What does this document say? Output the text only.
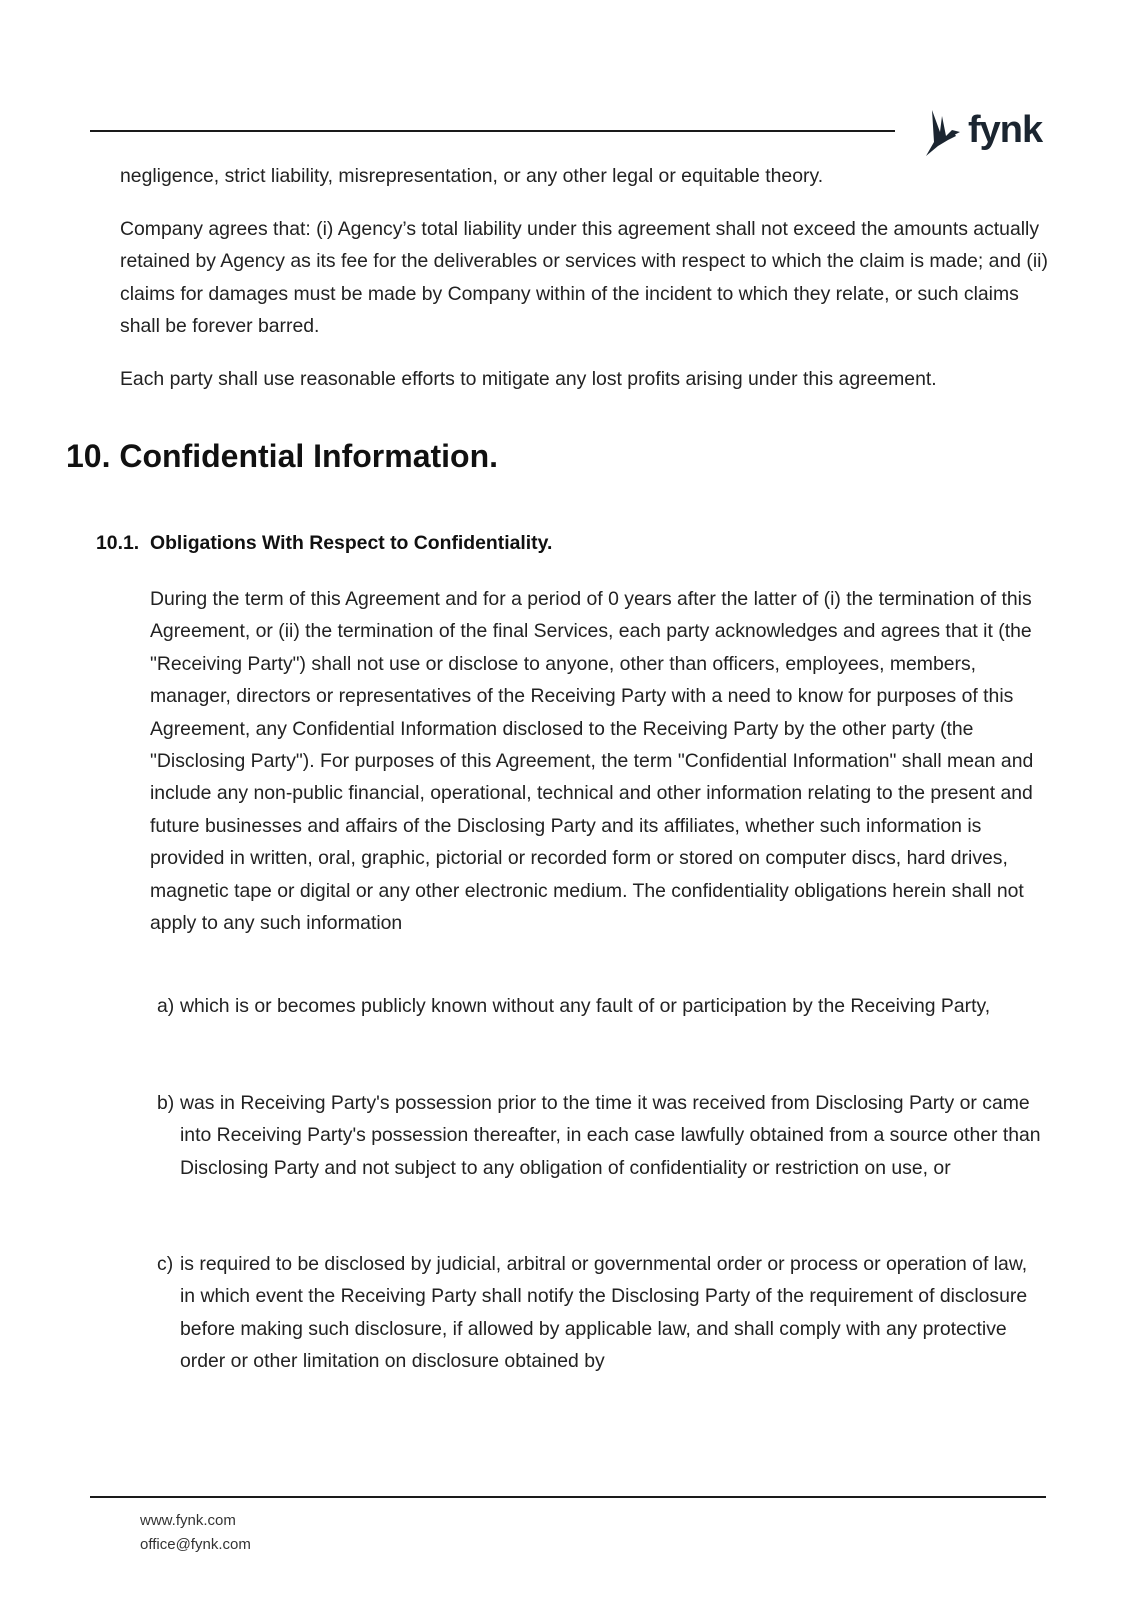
fynk

negligence, strict liability, misrepresentation, or any other legal or equitable theory.

Company agrees that: (i) Agency’s total liability under this agreement shall not exceed the amounts actually retained by Agency as its fee for the deliverables or services with respect to which the claim is made; and (ii) claims for damages must be made by Company within of the incident to which they relate, or such claims shall be forever barred.

Each party shall use reasonable efforts to mitigate any lost profits arising under this agreement.

10. Confidential Information.
10.1. Obligations With Respect to Confidentiality.

During the term of this Agreement and for a period of 0 years after the latter of (i) the termination of this Agreement, or (ii) the termination of the final Services, each party acknowledges and agrees that it (the "Receiving Party") shall not use or disclose to anyone, other than officers, employees, members, manager, directors or representatives of the Receiving Party with a need to know for purposes of this Agreement, any Confidential Information disclosed to the Receiving Party by the other party (the "Disclosing Party"). For purposes of this Agreement, the term "Confidential Information" shall mean and include any non-public financial, operational, technical and other information relating to the present and future businesses and affairs of the Disclosing Party and its affiliates, whether such information is provided in written, oral, graphic, pictorial or recorded form or stored on computer discs, hard drives, magnetic tape or digital or any other electronic medium. The confidentiality obligations herein shall not apply to any such information

a) which is or becomes publicly known without any fault of or participation by the Receiving Party,
b) was in Receiving Party's possession prior to the time it was received from Disclosing Party or came into Receiving Party's possession thereafter, in each case lawfully obtained from a source other than Disclosing Party and not subject to any obligation of confidentiality or restriction on use, or
c) is required to be disclosed by judicial, arbitral or governmental order or process or operation of law, in which event the Receiving Party shall notify the Disclosing Party of the requirement of disclosure before making such disclosure, if allowed by applicable law, and shall comply with any protective order or other limitation on disclosure obtained by
www.fynk.com
office@fynk.com
